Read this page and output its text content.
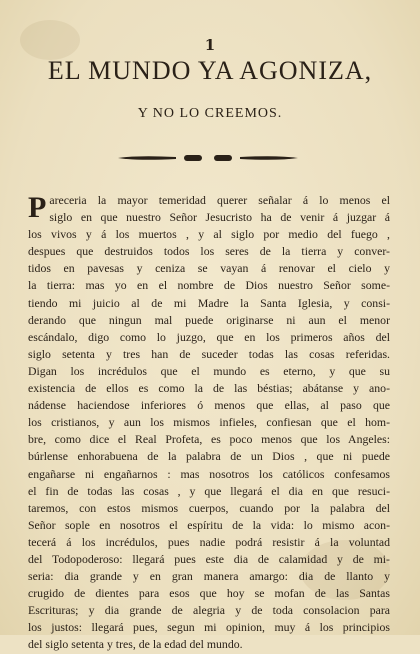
1
EL MUNDO YA AGONIZA,
Y NO LO CREEMOS.
P areceria la mayor temeridad querer señalar á lo menos el
siglo en que nuestro Señor Jesucristo ha de venir á juzgar á
los vivos y á los muertos , y al siglo por medio del fuego ,
despues que destruidos todos los seres de la tierra y conver-
tidos en pavesas y ceniza se vayan á renovar el cielo y
la tierra: mas yo en el nombre de Dios nuestro Señor some-
tiendo mi juicio al de mi Madre la Santa Iglesia, y consi-
derando que ningun mal puede originarse ni aun el menor
escándalo, digo como lo juzgo, que en los primeros años del
siglo setenta y tres han de suceder todas las cosas referidas.
Digan los incrédulos que el mundo es eterno, y que su
existencia de ellos es como la de las béstias; abátanse y ano-
nádense haciendose inferiores ó menos que ellas, al paso que
los cristianos, y aun los mismos infieles, confiesan que el hom-
bre, como dice el Real Profeta, es poco menos que los Angeles:
búrlense enhorabuena de la palabra de un Dios , que ni puede
engañarse ni engañarnos : mas nosotros los católicos confesamos
el fin de todas las cosas , y que llegará el dia en que resuci-
taremos, con estos mismos cuerpos, cuando por la palabra del
Señor sople en nosotros el espíritu de la vida: lo mismo acon-
tecerá á los incrédulos, pues nadie podrá resistir á la voluntad
del Todopoderoso: llegará pues este dia de calamidad y de mi-
seria: dia grande y en gran manera amargo: dia de llanto y
crugido de dientes para esos que hoy se mofan de las Santas
Escrituras; y dia grande de alegria y de toda consolacion para
los justos: llegará pues, segun mi opinion, muy á los principios
del siglo setenta y tres, de la edad del mundo.
